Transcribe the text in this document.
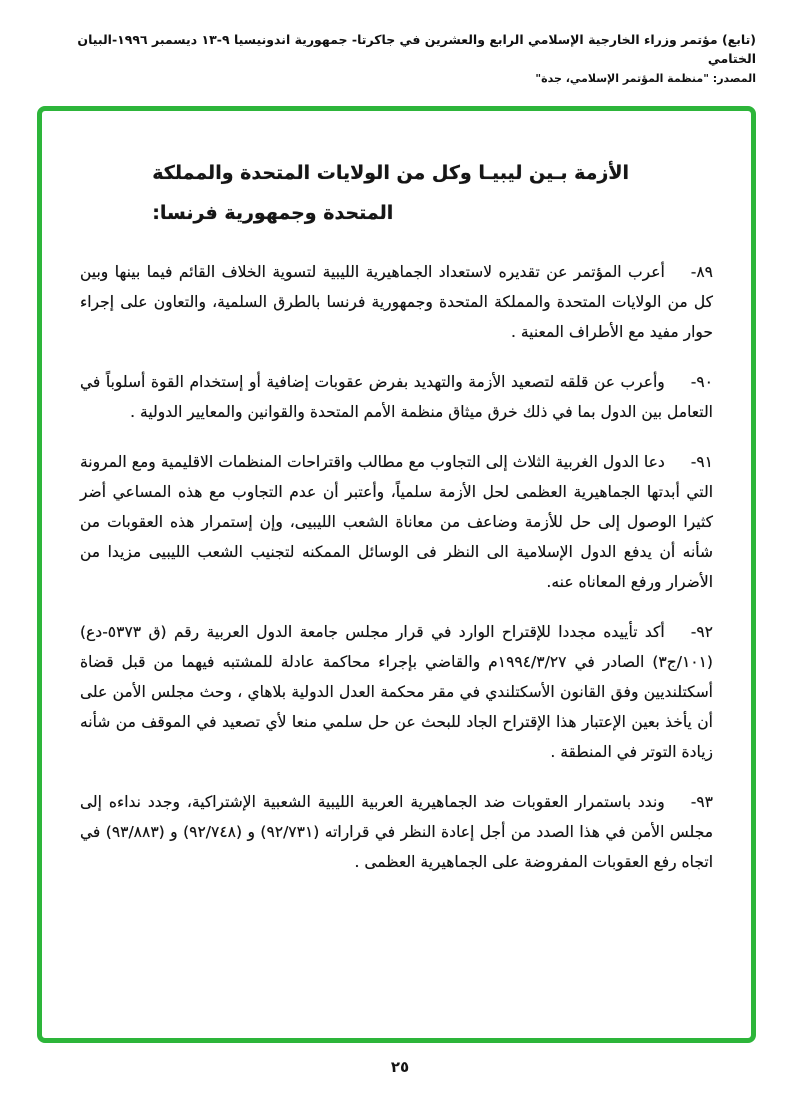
(تابع) مؤتمر وزراء الخارجية الإسلامي الرابع والعشرين في جاكرتا- جمهورية اندونيسيا ٩-١٣ ديسمبر ١٩٩٦-البيان الختامي
المصدر: "منظمة المؤتمر الإسلامي، جدة"
الأزمة بـين ليبيـا وكل من الولايات المتحدة والمملكة
المتحدة وجمهورية فرنسا:

٨٩-أعرب المؤتمر عن تقديره لاستعداد الجماهيرية الليبية لتسوية الخلاف القائم فيما بينها وبين كل من الولايات المتحدة والمملكة المتحدة وجمهورية فرنسا بالطرق السلمية، والتعاون على إجراء حوار مفيد مع الأطراف المعنية .

٩٠-وأعرب عن قلقه لتصعيد الأزمة والتهديد بفرض عقوبات إضافية أو إستخدام القوة أسلوباً في التعامل بين الدول بما في ذلك خرق ميثاق منظمة الأمم المتحدة والقوانين والمعايير الدولية .

٩١-دعا الدول الغربية الثلاث إلى التجاوب مع مطالب واقتراحات المنظمات الاقليمية ومع المرونة التي أبدتها الجماهيرية العظمى لحل الأزمة سلمياً، وأعتبر أن عدم التجاوب مع هذه المساعي أضر كثيرا الوصول إلى حل للأزمة وضاعف من معاناة الشعب الليبيى، وإن إستمرار هذه العقوبات من شأنه أن يدفع الدول الإسلامية الى النظر فى الوسائل الممكنه لتجنيب الشعب الليبيى مزيدا من الأضرار ورفع المعاناه عنه.

٩٢-أكد تأييده مجددا للإقتراح الوارد في قرار مجلس جامعة الدول العربية رقم (ق ٥٣٧٣-دع) (١٠١/ج٣) الصادر في ١٩٩٤/٣/٢٧م والقاضي بإجراء محاكمة عادلة للمشتبه فيهما من قبل قضاة أسكتلنديين وفق القانون الأسكتلندي في مقر محكمة العدل الدولية بلاهاي ، وحث مجلس الأمن على أن يأخذ بعين الإعتبار هذا الإقتراح الجاد للبحث عن حل سلمي منعا لأي تصعيد في الموقف من شأنه زيادة التوتر في المنطقة .

٩٣-وندد باستمرار العقوبات ضد الجماهيرية العربية الليبية الشعبية الإشتراكية، وجدد نداءه إلى مجلس الأمن في هذا الصدد من أجل إعادة النظر في قراراته (٩٢/٧٣١) و (٩٢/٧٤٨) و (٩٣/٨٨٣) في اتجاه رفع العقوبات المفروضة على الجماهيرية العظمى .

٢٥
